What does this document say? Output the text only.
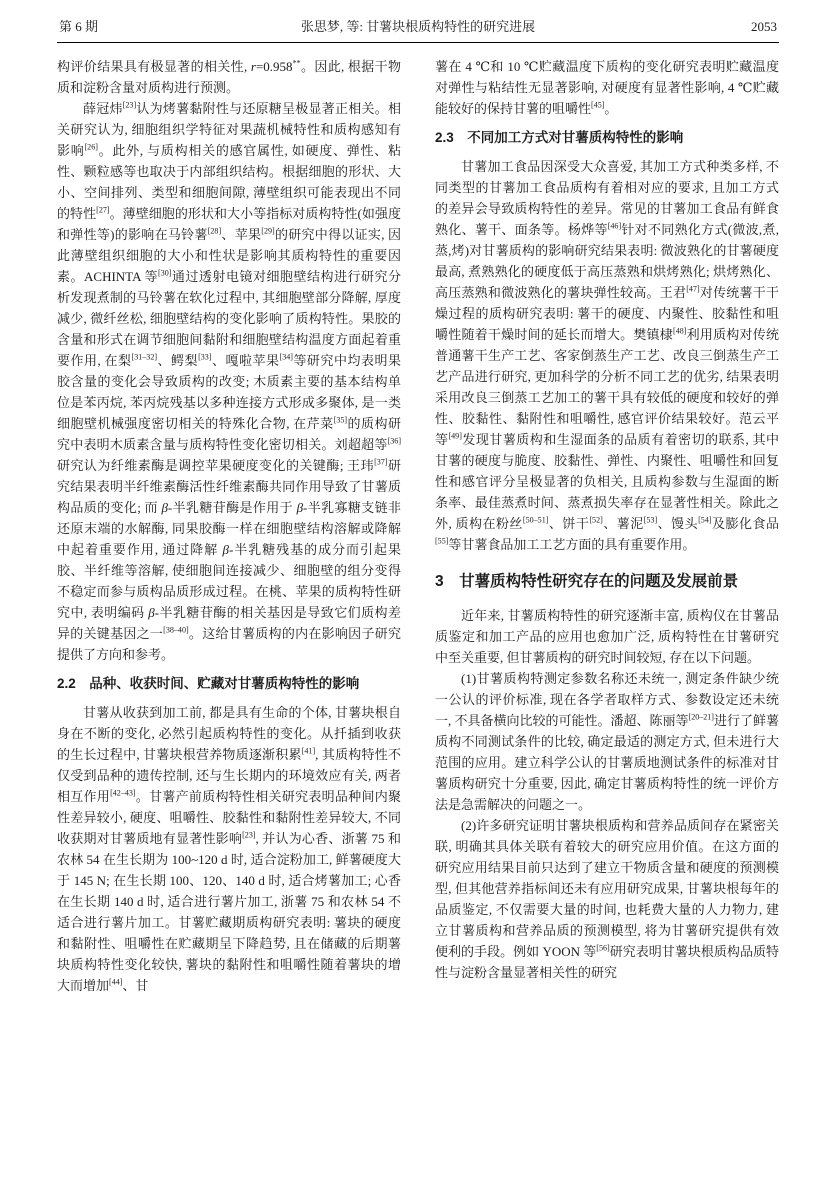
第 6 期	张思梦, 等: 甘薯块根质构特性的研究进展	2053

构评价结果具有极显著的相关性, r=0.958**。因此, 根据干物质和淀粉含量对质构进行预测。

薛冠炜[23]认为烤薯黏附性与还原糖呈极显著正相关。相关研究认为, 细胞组织学特征对果蔬机械特性和质构感知有影响[26]。此外, 与质构相关的感官属性, 如硬度、弹性、粘性、颗粒感等也取决于内部组织结构。根据细胞的形状、大小、空间排列、类型和细胞间隙, 薄壁组织可能表现出不同的特性[27]。薄壁细胞的形状和大小等指标对质构特性(如强度和弹性等)的影响在马铃薯[28]、苹果[29]的研究中得以证实, 因此薄壁组织细胞的大小和性状是影响其质构特性的重要因素。ACHINTA 等[30]通过透射电镜对细胞壁结构进行研究分析发现煮制的马铃薯在软化过程中, 其细胞壁部分降解, 厚度减少, 微纤丝松, 细胞壁结构的变化影响了质构特性。果胶的含量和形式在调节细胞间黏附和细胞壁结构温度方面起着重要作用, 在梨[31–32]、鳄梨[33]、嘎啦苹果[34]等研究中均表明果胶含量的变化会导致质构的改变; 木质素主要的基本结构单位是苯丙烷, 苯丙烷残基以多种连接方式形成多聚体, 是一类细胞壁机械强度密切相关的特殊化合物, 在芹菜[35]的质构研究中表明木质素含量与质构特性变化密切相关。刘超超等[36]研究认为纤维素酶是调控苹果硬度变化的关键酶; 王玮[37]研究结果表明半纤维素酶活性纤维素酶共同作用导致了甘薯质构品质的变化; 而 β-半乳糖苷酶是作用于 β-半乳寡糖支链非还原末端的水解酶, 同果胶酶一样在细胞壁结构溶解或降解中起着重要作用, 通过降解 β-半乳糖残基的成分而引起果胶、半纤维等溶解, 使细胞间连接减少、细胞壁的组分变得不稳定而参与质构品质形成过程。在桃、苹果的质构特性研究中, 表明编码 β-半乳糖苷酶的相关基因是导致它们质构差异的关键基因之一[38–40]。这给甘薯质构的内在影响因子研究提供了方向和参考。

2.2　品种、收获时间、贮藏对甘薯质构特性的影响

甘薯从收获到加工前, 都是具有生命的个体, 甘薯块根自身在不断的变化, 必然引起质构特性的变化。从扦插到收获的生长过程中, 甘薯块根营养物质逐渐积累[41], 其质构特性不仅受到品种的遗传控制, 还与生长期内的环境效应有关, 两者相互作用[42–43]。甘薯产前质构特性相关研究表明品种间内聚性差异较小, 硬度、咀嚼性、胶黏性和黏附性差异较大, 不同收获期对甘薯质地有显著性影响[23], 并认为心香、浙薯 75 和农林 54 在生长期为 100~120 d 时, 适合淀粉加工, 鲜薯硬度大于 145 N; 在生长期 100、120、140 d 时, 适合烤薯加工; 心香在生长期 140 d 时, 适合进行薯片加工, 浙薯 75 和农林 54 不适合进行薯片加工。甘薯贮藏期质构研究表明: 薯块的硬度和黏附性、咀嚼性在贮藏期呈下降趋势, 且在储藏的后期薯块质构特性变化较快, 薯块的黏附性和咀嚼性随着薯块的增大而增加[44]、甘

薯在 4 ℃和 10 ℃贮藏温度下质构的变化研究表明贮藏温度对弹性与粘结性无显著影响, 对硬度有显著性影响, 4 ℃贮藏能较好的保持甘薯的咀嚼性[45]。

2.3　不同加工方式对甘薯质构特性的影响

甘薯加工食品因深受大众喜爱, 其加工方式种类多样, 不同类型的甘薯加工食品质构有着相对应的要求, 且加工方式的差异会导致质构特性的差异。常见的甘薯加工食品有鲜食熟化、薯干、面条等。杨烨等[46]针对不同熟化方式(微波,煮,蒸,烤)对甘薯质构的影响研究结果表明: 微波熟化的甘薯硬度最高, 煮熟熟化的硬度低于高压蒸熟和烘烤熟化; 烘烤熟化、高压蒸熟和微波熟化的薯块弹性较高。王君[47]对传统薯干干燥过程的质构研究表明: 薯干的硬度、内聚性、胶黏性和咀嚼性随着干燥时间的延长而增大。樊镇棣[48]利用质构对传统普通薯干生产工艺、客家倒蒸生产工艺、改良三倒蒸生产工艺产品进行研究, 更加科学的分析不同工艺的优劣, 结果表明采用改良三倒蒸工艺加工的薯干具有较低的硬度和较好的弹性、胶黏性、黏附性和咀嚼性, 感官评价结果较好。范云平等[49]发现甘薯质构和生湿面条的品质有着密切的联系, 其中甘薯的硬度与脆度、胶黏性、弹性、内聚性、咀嚼性和回复性和感官评分呈极显著的负相关, 且质构参数与生湿面的断条率、最佳蒸煮时间、蒸煮损失率存在显著性相关。除此之外, 质构在粉丝[50–51]、饼干[52]、薯泥[53]、馒头[54]及膨化食品[55]等甘薯食品加工工艺方面的具有重要作用。

3　甘薯质构特性研究存在的问题及发展前景

近年来, 甘薯质构特性的研究逐渐丰富, 质构仪在甘薯品质鉴定和加工产品的应用也愈加广泛, 质构特性在甘薯研究中至关重要, 但甘薯质构的研究时间较短, 存在以下问题。

(1)甘薯质构特测定参数名称还未统一, 测定条件缺少统一公认的评价标准, 现在各学者取样方式、参数设定还未统一, 不具备横向比较的可能性。潘超、陈丽等[20–21]进行了鲜薯质构不同测试条件的比较, 确定最适的测定方式, 但未进行大范围的应用。建立科学公认的甘薯质地测试条件的标准对甘薯质构研究十分重要, 因此, 确定甘薯质构特性的统一评价方法是急需解决的问题之一。

(2)许多研究证明甘薯块根质构和营养品质间存在紧密关联, 明确其具体关联有着较大的研究应用价值。在这方面的研究应用结果目前只达到了建立干物质含量和硬度的预测模型, 但其他营养指标间还未有应用研究成果, 甘薯块根每年的品质鉴定, 不仅需要大量的时间, 也耗费大量的人力物力, 建立甘薯质构和营养品质的预测模型, 将为甘薯研究提供有效便利的手段。例如 YOON 等[56]研究表明甘薯块根质构品质特性与淀粉含量显著相关性的研究
